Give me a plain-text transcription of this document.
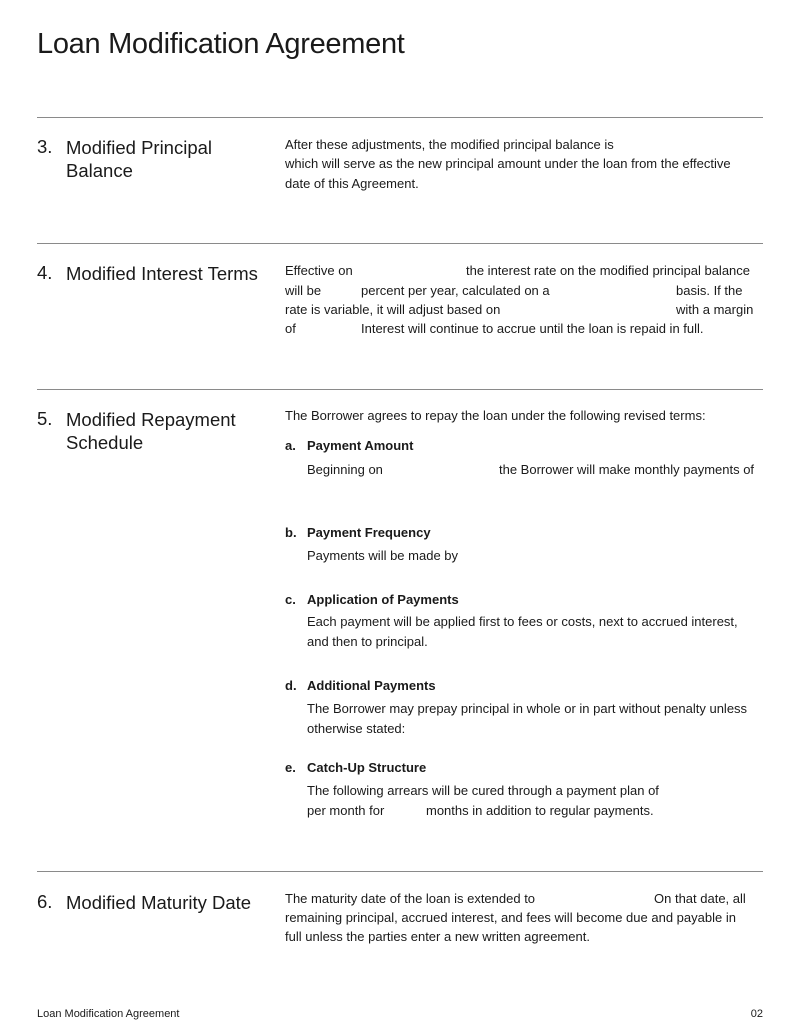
Loan Modification Agreement
3. Modified Principal Balance
After these adjustments, the modified principal balance is
which will serve as the new principal amount under the loan from the effective
date of this Agreement.
4. Modified Interest Terms	Effective on	the interest rate on the modified principal balance
will be	percent per year, calculated on a	basis. If the
rate is variable, it will adjust based on	with a margin
of	Interest will continue to accrue until the loan is repaid in full.
5. Modified Repayment Schedule
The Borrower agrees to repay the loan under the following revised terms:
a. Payment Amount
Beginning on	the Borrower will make monthly payments of
b. Payment Frequency
Payments will be made by
c. Application of Payments
Each payment will be applied first to fees or costs, next to accrued interest,
and then to principal.
d. Additional Payments
The Borrower may prepay principal in whole or in part without penalty unless
otherwise stated:
e. Catch-Up Structure
The following arrears will be cured through a payment plan of
per month for	months in addition to regular payments.
6. Modified Maturity Date	The maturity date of the loan is extended to	On that date, all
remaining principal, accrued interest, and fees will become due and payable in
full unless the parties enter a new written agreement.
Loan Modification Agreement	02
